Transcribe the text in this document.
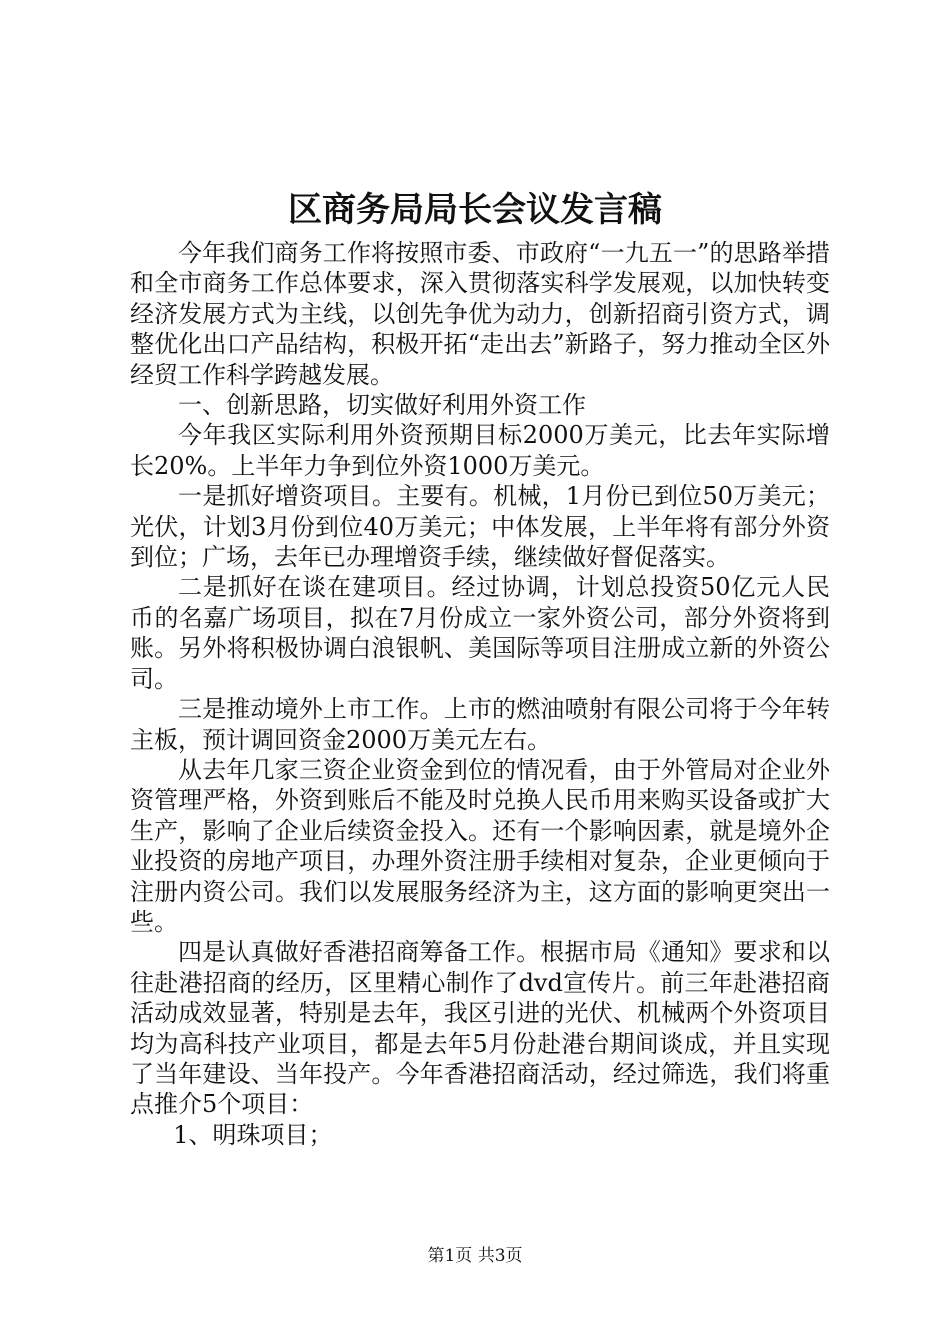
区商务局局长会议发言稿

今年我们商务工作将按照市委、市政府“一九五一”的思路举措和全市商务工作总体要求，深入贯彻落实科学发展观，以加快转变经济发展方式为主线，以创先争优为动力，创新招商引资方式，调整优化出口产品结构，积极开拓“走出去”新路子，努力推动全区外经贸工作科学跨越发展。

一、创新思路，切实做好利用外资工作

今年我区实际利用外资预期目标2000万美元，比去年实际增长20%。上半年力争到位外资1000万美元。

一是抓好增资项目。主要有。机械，1月份已到位50万美元；光伏，计划3月份到位40万美元；中体发展，上半年将有部分外资到位；广场，去年已办理增资手续，继续做好督促落实。

二是抓好在谈在建项目。经过协调，计划总投资50亿元人民币的名嘉广场项目，拟在7月份成立一家外资公司，部分外资将到账。另外将积极协调白浪银帆、美国际等项目注册成立新的外资公司。

三是推动境外上市工作。上市的燃油喷射有限公司将于今年转主板，预计调回资金2000万美元左右。

从去年几家三资企业资金到位的情况看，由于外管局对企业外资管理严格，外资到账后不能及时兑换人民币用来购买设备或扩大生产，影响了企业后续资金投入。还有一个影响因素，就是境外企业投资的房地产项目，办理外资注册手续相对复杂，企业更倾向于注册内资公司。我们以发展服务经济为主，这方面的影响更突出一些。

四是认真做好香港招商筹备工作。根据市局《通知》要求和以往赴港招商的经历，区里精心制作了dvd宣传片。前三年赴港招商活动成效显著，特别是去年，我区引进的光伏、机械两个外资项目均为高科技产业项目，都是去年5月份赴港台期间谈成，并且实现了当年建设、当年投产。今年香港招商活动，经过筛选，我们将重点推介5个项目：

1、明珠项目；

第1页 共3页
